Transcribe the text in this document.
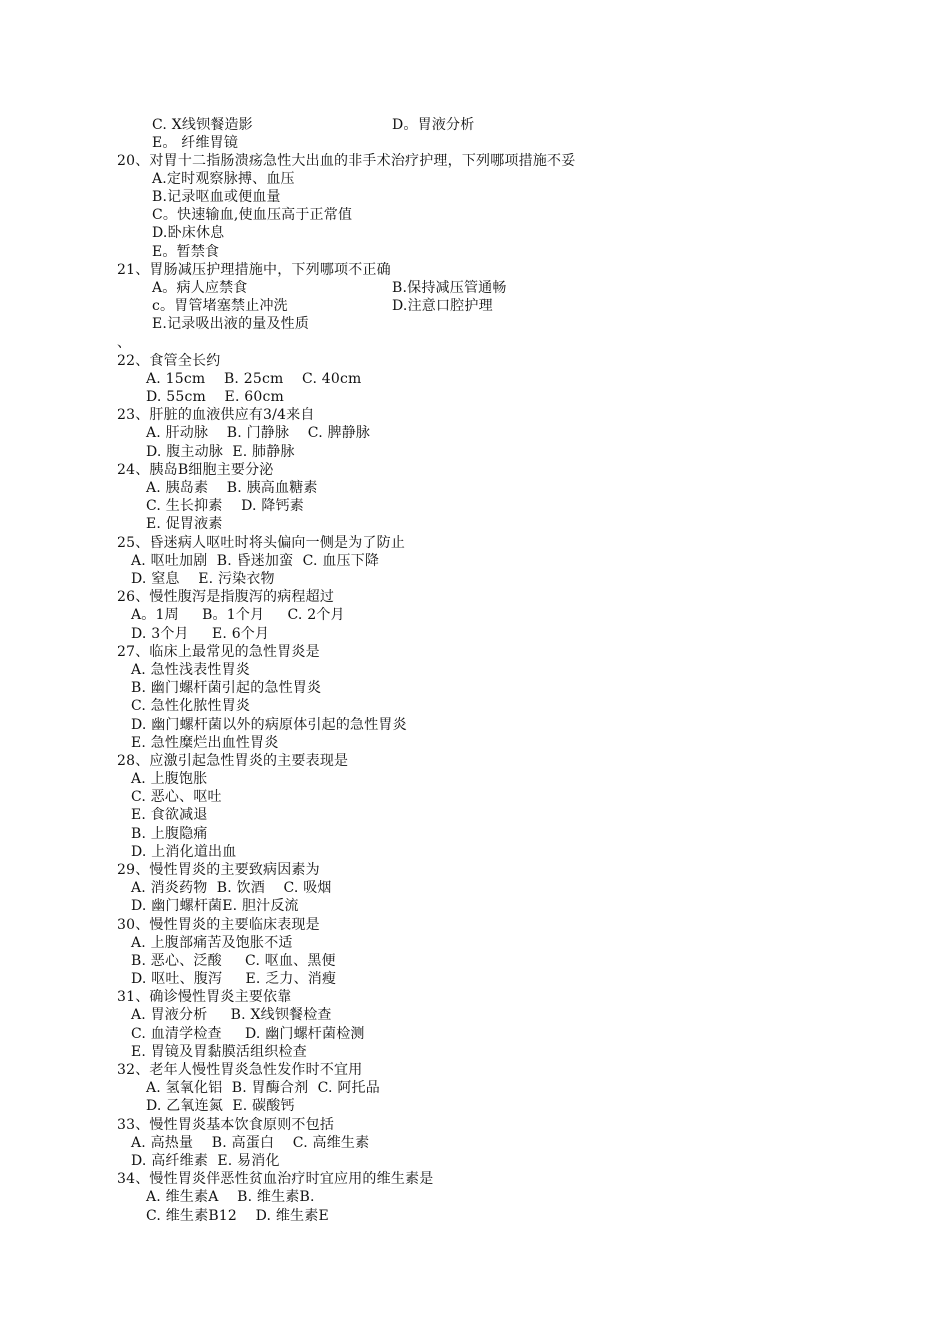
C. X线钡餐造影	D。胃液分析
E。 纤维胃镜
20、对胃十二指肠溃疡急性大出血的非手术治疗护理，下列哪项措施不妥
A.定时观察脉搏、血压
B.记录呕血或便血量
C。快速输血,使血压高于正常值
D.卧床休息
E。暂禁食
21、胃肠减压护理措施中，下列哪项不正确
A。病人应禁食	B.保持减压管通畅
c。胃管堵塞禁止冲洗	D.注意口腔护理
E.记录吸出液的量及性质
、
22、食管全长约
A. 15cm    B. 25cm    C. 40cm
D. 55cm    E. 60cm
23、肝脏的血液供应有3/4来自
A. 肝动脉    B. 门静脉    C. 脾静脉
D. 腹主动脉  E. 肺静脉
24、胰岛B细胞主要分泌
A. 胰岛素    B. 胰高血糖素
C. 生长抑素    D. 降钙素
E. 促胃液素
25、昏迷病人呕吐时将头偏向一侧是为了防止
A. 呕吐加剧  B. 昏迷加蛮  C. 血压下降
D. 窒息    E. 污染衣物
26、慢性腹泻是指腹泻的病程超过
A。1周     B。1个月     C. 2个月
D. 3个月     E. 6个月
27、临床上最常见的急性胃炎是
A. 急性浅表性胃炎
B. 幽门螺杆菌引起的急性胃炎
C. 急性化脓性胃炎
D. 幽门螺杆菌以外的病原体引起的急性胃炎
E. 急性糜烂出血性胃炎
28、应激引起急性胃炎的主要表现是
A. 上腹饱胀
C. 恶心、呕吐
E. 食欲减退
B. 上腹隐痛
D. 上消化道出血
29、慢性胃炎的主要致病因素为
A. 消炎药物  B. 饮酒    C. 吸烟
D. 幽门螺杆菌E. 胆汁反流
30、慢性胃炎的主要临床表现是
A. 上腹部痛苦及饱胀不适
B. 恶心、泛酸     C. 呕血、黑便
D. 呕吐、腹泻     E. 乏力、消瘦
31、确诊慢性胃炎主要依靠
A. 胃液分析     B. X线钡餐检查
C. 血清学检查     D. 幽门螺杆菌检测
E. 胃镜及胃黏膜活组织检查
32、老年人慢性胃炎急性发作时不宜用
A. 氢氧化铝  B. 胃酶合剂  C. 阿托品
D. 乙氧连氮  E. 碳酸钙
33、慢性胃炎基本饮食原则不包括
A. 高热量    B. 高蛋白    C. 高维生素
D. 高纤维素  E. 易消化
34、慢性胃炎伴恶性贫血治疗时宜应用的维生素是
A. 维生素A    B. 维生素B.
C. 维生素B12    D. 维生素E
